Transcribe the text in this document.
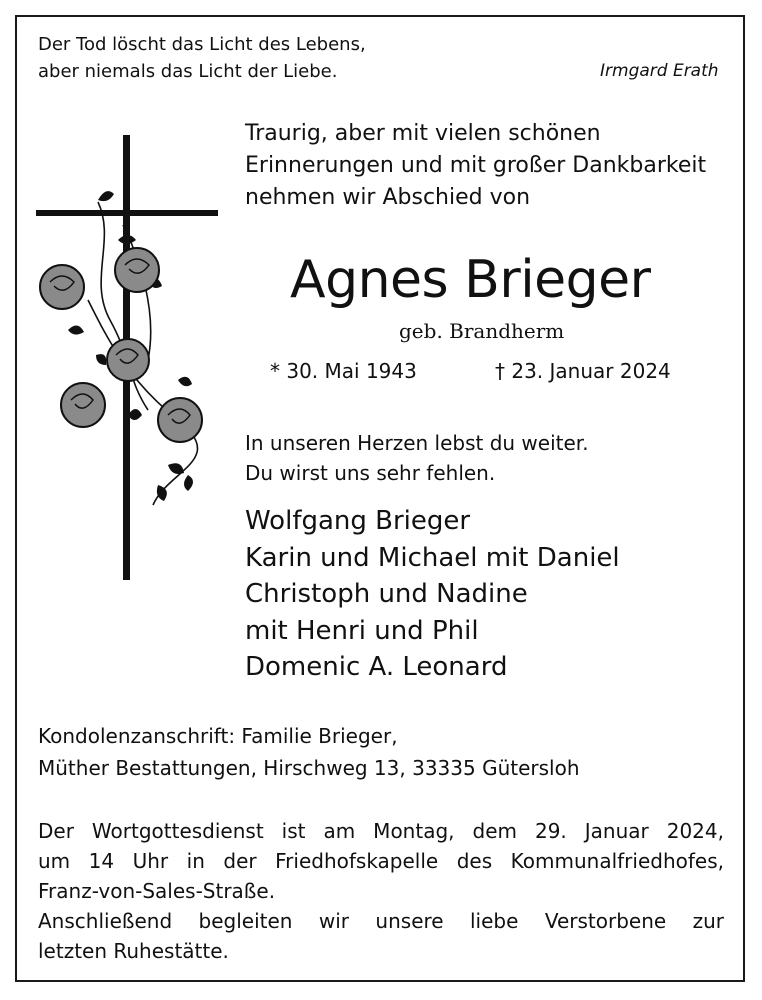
Der Tod löscht das Licht des Lebens,
aber niemals das Licht der Liebe.	Irmgard Erath
Traurig, aber mit vielen schönen
Erinnerungen und mit großer Dankbarkeit
nehmen wir Abschied von
Agnes Brieger
geb. Brandherm
* 30. Mai 1943	† 23. Januar 2024
In unseren Herzen lebst du weiter.
Du wirst uns sehr fehlen.
Wolfgang Brieger
Karin und Michael mit Daniel
Christoph und Nadine
mit Henri und Phil
Domenic A. Leonard
Kondolenzanschrift: Familie Brieger,
Müther Bestattungen, Hirschweg 13, 33335 Gütersloh
Der Wortgottesdienst ist am Montag, dem 29. Januar 2024,
um 14 Uhr in der Friedhofskapelle des Kommunalfriedhofes,
Franz-von-Sales-Straße.
Anschließend begleiten wir unsere liebe Verstorbene zur
letzten Ruhestätte.
